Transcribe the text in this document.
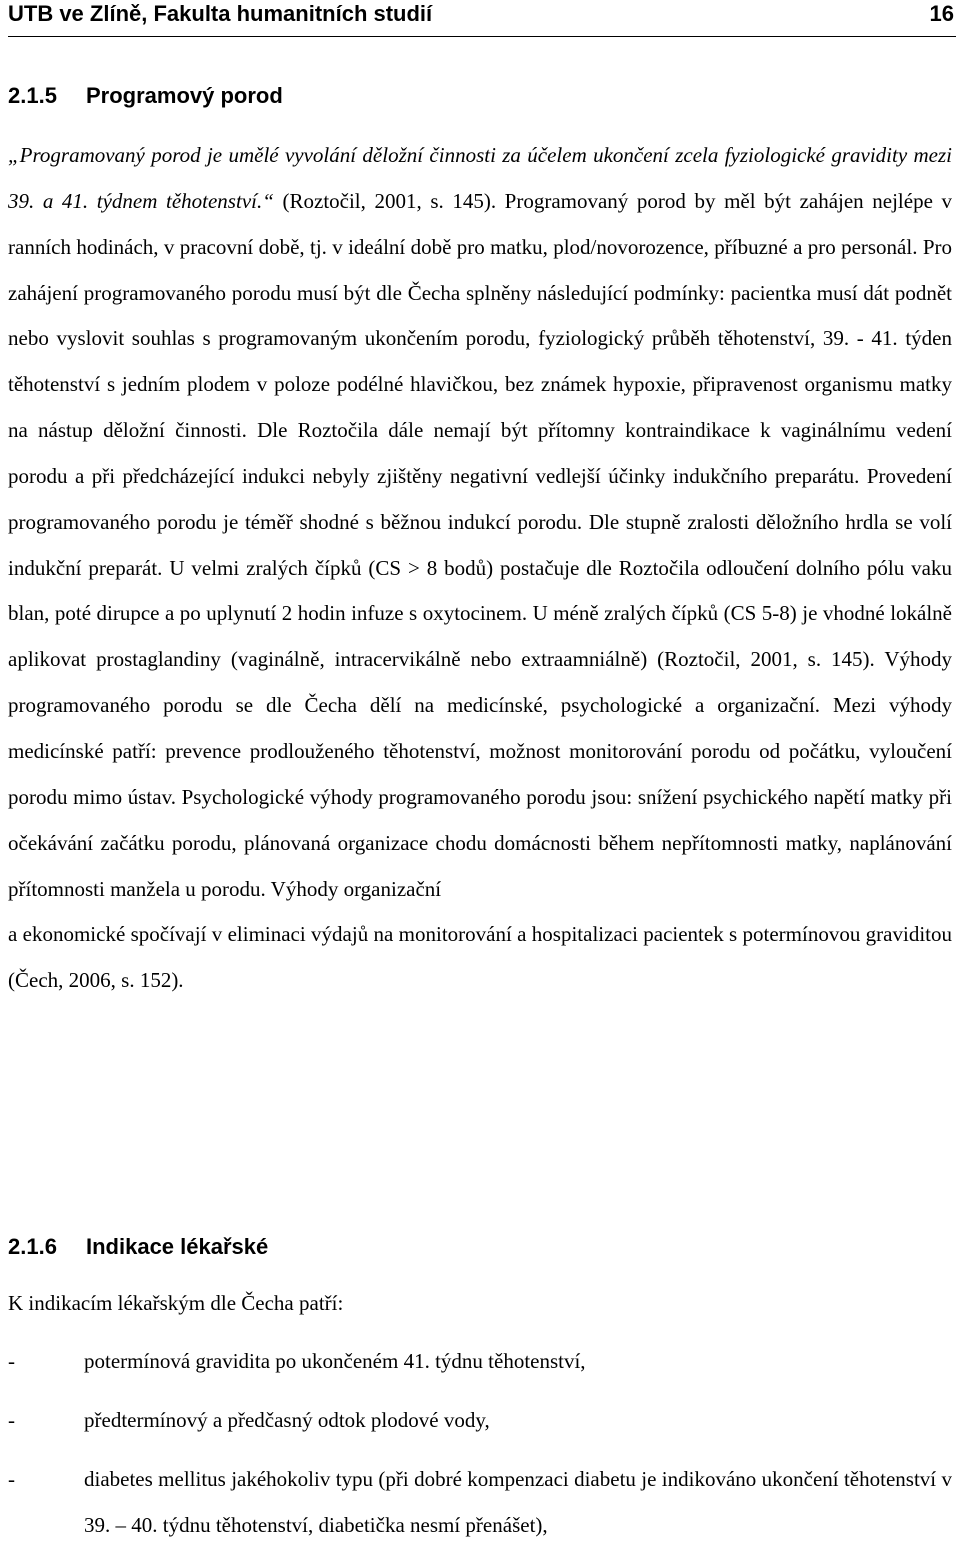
UTB ve Zlíně, Fakulta humanitních studií	16
2.1.5 Programový porod

„Programovaný porod je umělé vyvolání děložní činnosti za účelem ukončení zcela fyziologické gravidity mezi 39. a 41. týdnem těhotenství.“ (Roztočil, 2001, s. 145). Programovaný porod by měl být zahájen nejlépe v ranních hodinách, v pracovní době, tj. v ideální době pro matku, plod/novorozence, příbuzné a pro personál. Pro zahájení programovaného porodu musí být dle Čecha splněny následující podmínky: pacientka musí dát podnět nebo vyslovit souhlas s programovaným ukončením porodu, fyziologický průběh těhotenství, 39. - 41. týden těhotenství s jedním plodem v poloze podélné hlavičkou, bez známek hypoxie, připravenost organismu matky na nástup děložní činnosti. Dle Roztočila dále nemají být přítomny kontraindikace k vaginálnímu vedení porodu a při předcházející indukci nebyly zjištěny negativní vedlejší účinky indukčního preparátu. Provedení programovaného porodu je téměř shodné s běžnou indukcí porodu. Dle stupně zralosti děložního hrdla se volí indukční preparát. U velmi zralých čípků (CS > 8 bodů) postačuje dle Roztočila odloučení dolního pólu vaku blan, poté dirupce a po uplynutí 2 hodin infuze s oxytocinem. U méně zralých čípků (CS 5-8) je vhodné lokálně aplikovat prostaglandiny (vaginálně, intracervikálně nebo extraamniálně) (Roztočil, 2001, s. 145). Výhody programovaného porodu se dle Čecha dělí na medicínské, psychologické a organizační. Mezi výhody medicínské patří: prevence prodlouženého těhotenství, možnost monitorování porodu od počátku, vyloučení porodu mimo ústav. Psychologické výhody programovaného porodu jsou: snížení psychického napětí matky při očekávání začátku porodu, plánovaná organizace chodu domácnosti během nepřítomnosti matky, naplánování přítomnosti manžela u porodu. Výhody organizační

a ekonomické spočívají v eliminaci výdajů na monitorování a hospitalizaci pacientek s potermínovou graviditou (Čech, 2006, s. 152).

2.1.6 Indikace lékařské

K indikacím lékařským dle Čecha patří:

-	potermínová gravidita po ukončeném 41. týdnu těhotenství,
-	předtermínový a předčasný odtok plodové vody,
-	diabetes mellitus jakéhokoliv typu (při dobré kompenzaci diabetu je indikováno ukončení těhotenství v 39. – 40. týdnu těhotenství, diabetička nesmí přenášet),
